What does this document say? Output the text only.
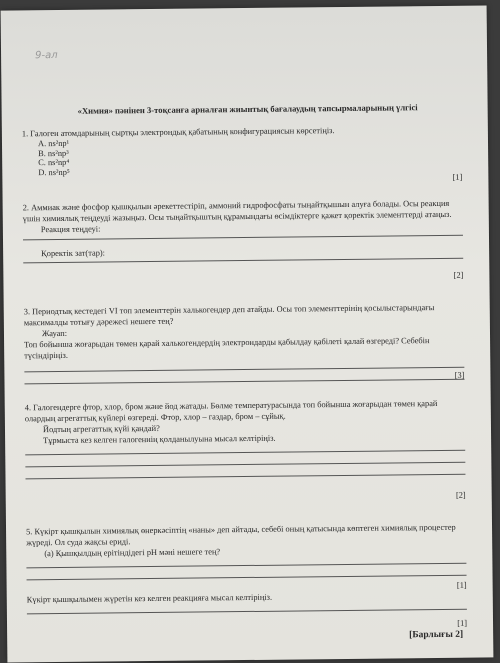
9-ал
«Химия» пәнінен 3-тоқсанға арналған жиынтық бағалаудың тапсырмаларының үлгісі

1. Галоген атомдарының сыртқы электрондық қабатының конфигурациясын көрсетіңіз.

A. ns²np¹
B. ns²np³
C. ns²np⁴
D. ns²np⁵
[1]

2. Аммиак және фосфор қышқылын әрекеттестіріп, аммоний гидрофосфаты тыңайтқышын алуға болады. Осы реакция үшін химиялық теңдеуді жазыңыз. Осы тыңайтқыштың құрамындағы өсімдіктерге қажет қоректік элементтерді атаңыз.

Реакция теңдеуі:
Қоректік зат(тар):
[2]

3. Периодтық кестедегі VI топ элементтерін халькогендер деп атайды. Осы топ элементтерінің қосылыстарындағы максималды тотығу дәрежесі нешеге тең?

Жауап:

Топ бойынша жоғарыдан төмен қарай халькогендердің электрондарды қабылдау қабілеті қалай өзгереді? Себебін түсіндіріңіз.

[3]

4. Галогендерге фтор, хлор, бром және йод жатады. Бөлме температурасында топ бойынша жоғарыдан төмен қарай олардың агрегаттық күйлері өзгереді. Фтор, хлор – газдар, бром – сұйық.

Йодтың агрегаттық күйі қандай?
Тұрмыста кез келген галогеннің қолданылуына мысал келтіріңіз.
[2]

5. Күкірт қышқылын химиялық өнеркәсіптің «наны» деп айтады, себебі оның қатысында көптеген химиялық процестер жүреді. Ол суда жақсы ериді.

(а) Қышқылдың ерітіндідегі pH мәні нешеге тең?
[1]
Күкірт қышқылымен жүретін кез келген реакцияға мысал келтіріңіз.
[1]
[Барлығы 2]
